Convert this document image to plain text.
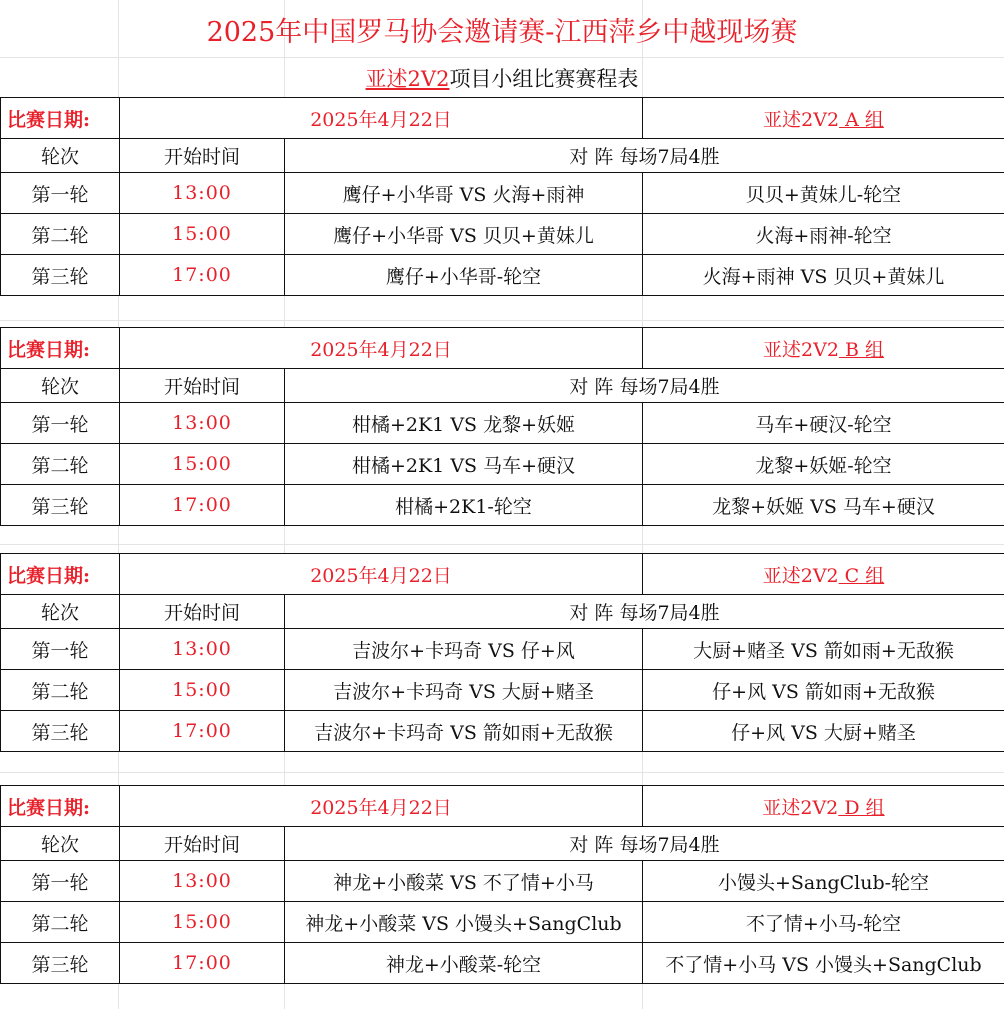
2025年中国罗马协会邀请赛-江西萍乡中越现场赛
亚述2V2 项目小组比赛赛程表
比赛日期:	2025年4月22日		亚述2V2 A 组
轮次	开始时间	对 阵 每场7局4胜	
第一轮	13:00	鹰仔+小华哥 VS 火海+雨神	贝贝+黄妹儿-轮空
第二轮	15:00	鹰仔+小华哥 VS 贝贝+黄妹儿	火海+雨神-轮空
第三轮	17:00	鹰仔+小华哥-轮空	火海+雨神 VS 贝贝+黄妹儿
比赛日期:	2025年4月22日		亚述2V2 B 组
轮次	开始时间	对 阵 每场7局4胜	
第一轮	13:00	柑橘+2K1 VS 龙黎+妖姬	马车+硬汉-轮空
第二轮	15:00	柑橘+2K1 VS 马车+硬汉	龙黎+妖姬-轮空
第三轮	17:00	柑橘+2K1-轮空	龙黎+妖姬 VS 马车+硬汉
比赛日期:	2025年4月22日		亚述2V2 C 组
轮次	开始时间	对 阵 每场7局4胜	
第一轮	13:00	吉波尔+卡玛奇 VS 仔+风	大厨+赌圣 VS 箭如雨+无敌猴
第二轮	15:00	吉波尔+卡玛奇 VS 大厨+赌圣	仔+风 VS 箭如雨+无敌猴
第三轮	17:00	吉波尔+卡玛奇 VS 箭如雨+无敌猴	仔+风 VS 大厨+赌圣
比赛日期:	2025年4月22日		亚述2V2 D 组
轮次	开始时间	对 阵 每场7局4胜	
第一轮	13:00	神龙+小酸菜 VS 不了情+小马	小馒头+SangClub-轮空
第二轮	15:00	神龙+小酸菜 VS 小馒头+SangClub	不了情+小马-轮空
第三轮	17:00	神龙+小酸菜-轮空	不了情+小马 VS 小馒头+SangClub
